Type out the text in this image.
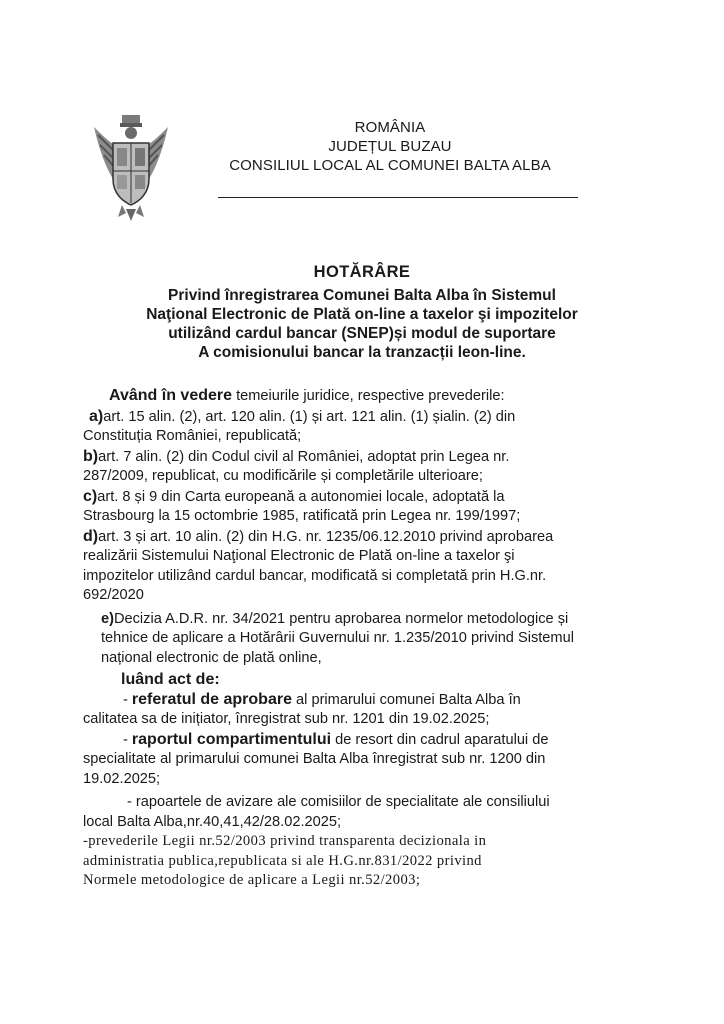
ROMÂNIA
JUDEȚUL BUZAU
CONSILIUL LOCAL AL COMUNEI BALTA ALBA
HOTĂRÂRE
Privind înregistrarea Comunei Balta Alba în Sistemul
Naţional Electronic de Plată on-line a taxelor şi impozitelor
utilizând cardul bancar (SNEP)și modul de suportare
A comisionului bancar la tranzacții leon-line.
Având în vedere temeiurile juridice, respective prevederile:
a)art. 15 alin. (2), art. 120 alin. (1) și art. 121 alin. (1) șialin. (2) din
Constituția României, republicată;
b)art. 7 alin. (2) din Codul civil al României, adoptat prin Legea nr.
287/2009, republicat, cu modificările și completările ulterioare;
c)art. 8 și 9 din Carta europeană a autonomiei locale, adoptată la
Strasbourg la 15 octombrie 1985, ratificată prin Legea nr. 199/1997;
d)art. 3 și art. 10 alin. (2) din H.G. nr. 1235/06.12.2010 privind aprobarea
realizării Sistemului Naţional Electronic de Plată on-line a taxelor şi
impozitelor utilizând cardul bancar, modificată si completată prin H.G.nr.
692/2020
e)Decizia A.D.R. nr. 34/2021 pentru aprobarea normelor metodologice și
tehnice de aplicare a Hotărârii Guvernului nr. 1.235/2010 privind Sistemul
național electronic de plată online,
luând act de:
- referatul de aprobare al primarului comunei Balta Alba în
calitatea sa de inițiator, înregistrat sub nr. 1201 din 19.02.2025;
- raportul compartimentului de resort din cadrul aparatului de
specialitate al primarului comunei Balta Alba înregistrat sub nr. 1200 din
19.02.2025;
- rapoartele de avizare ale comisiilor de specialitate ale consiliului
local Balta Alba,nr.40,41,42/28.02.2025;
-prevederile Legii nr.52/2003 privind transparenta decizionala in
administratia publica,republicata si ale H.G.nr.831/2022 privind
Normele metodologice de aplicare a Legii nr.52/2003;
